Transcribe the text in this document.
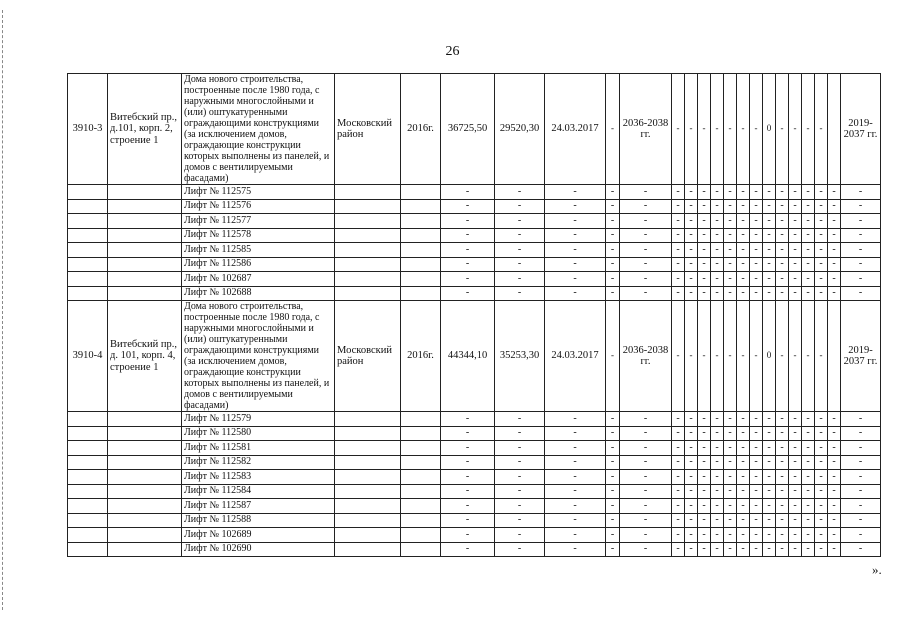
26
3910-3	Витебский пр., д.101, корп. 2, строение 1	Дома нового строительства, построенные после 1980 года, с наружными многослойными и (или) оштукатуренными ограждающими конструкциями (за исключением домов, ограждающие конструкции которых выполнены из панелей, и домов с вентилируемыми фасадами)	Московский район	2016г.	36725,50	29520,30	24.03.2017	-	2036-2038 гг.	-	-	-	-	-	-	-	0	-	-	-	-		2019-2037 гг.
		Лифт № 112575			-	-	-	-	-	-	-	-	-	-	-	-	-	-	-	-	-	-	-
		Лифт № 112576			-	-	-	-	-	-	-	-	-	-	-	-	-	-	-	-	-	-	-
		Лифт № 112577			-	-	-	-	-	-	-	-	-	-	-	-	-	-	-	-	-	-	-
		Лифт № 112578			-	-	-	-	-	-	-	-	-	-	-	-	-	-	-	-	-	-	-
		Лифт № 112585			-	-	-	-	-	-	-	-	-	-	-	-	-	-	-	-	-	-	-
		Лифт № 112586			-	-	-	-	-	-	-	-	-	-	-	-	-	-	-	-	-	-	-
		Лифт № 102687			-	-	-	-	-	-	-	-	-	-	-	-	-	-	-	-	-	-	-
		Лифт № 102688			-	-	-	-	-	-	-	-	-	-	-	-	-	-	-	-	-	-	-
3910-4	Витебский пр., д. 101, корп. 4, строение 1	Дома нового строительства, построенные после 1980 года, с наружными многослойными и (или) оштукатуренными ограждающими конструкциями (за исключением домов, ограждающие конструкции которых выполнены из панелей, и домов с вентилируемыми фасадами)	Московский район	2016г.	44344,10	35253,30	24.03.2017	-	2036-2038 гг.	-	-	-	-	-	-	-	0	-	-	-	-		2019-2037 гг.
		Лифт № 112579			-	-	-	-	-	-	-	-	-	-	-	-	-	-	-	-	-	-	-
		Лифт № 112580			-	-	-	-	-	-	-	-	-	-	-	-	-	-	-	-	-	-	-
		Лифт № 112581			-	-	-	-	-	-	-	-	-	-	-	-	-	-	-	-	-	-	-
		Лифт № 112582			-	-	-	-	-	-	-	-	-	-	-	-	-	-	-	-	-	-	-
		Лифт № 112583			-	-	-	-	-	-	-	-	-	-	-	-	-	-	-	-	-	-	-
		Лифт № 112584			-	-	-	-	-	-	-	-	-	-	-	-	-	-	-	-	-	-	-
		Лифт № 112587			-	-	-	-	-	-	-	-	-	-	-	-	-	-	-	-	-	-	-
		Лифт № 112588			-	-	-	-	-	-	-	-	-	-	-	-	-	-	-	-	-	-	-
		Лифт № 102689			-	-	-	-	-	-	-	-	-	-	-	-	-	-	-	-	-	-	-
		Лифт № 102690			-	-	-	-	-	-	-	-	-	-	-	-	-	-	-	-	-	-	-
».
